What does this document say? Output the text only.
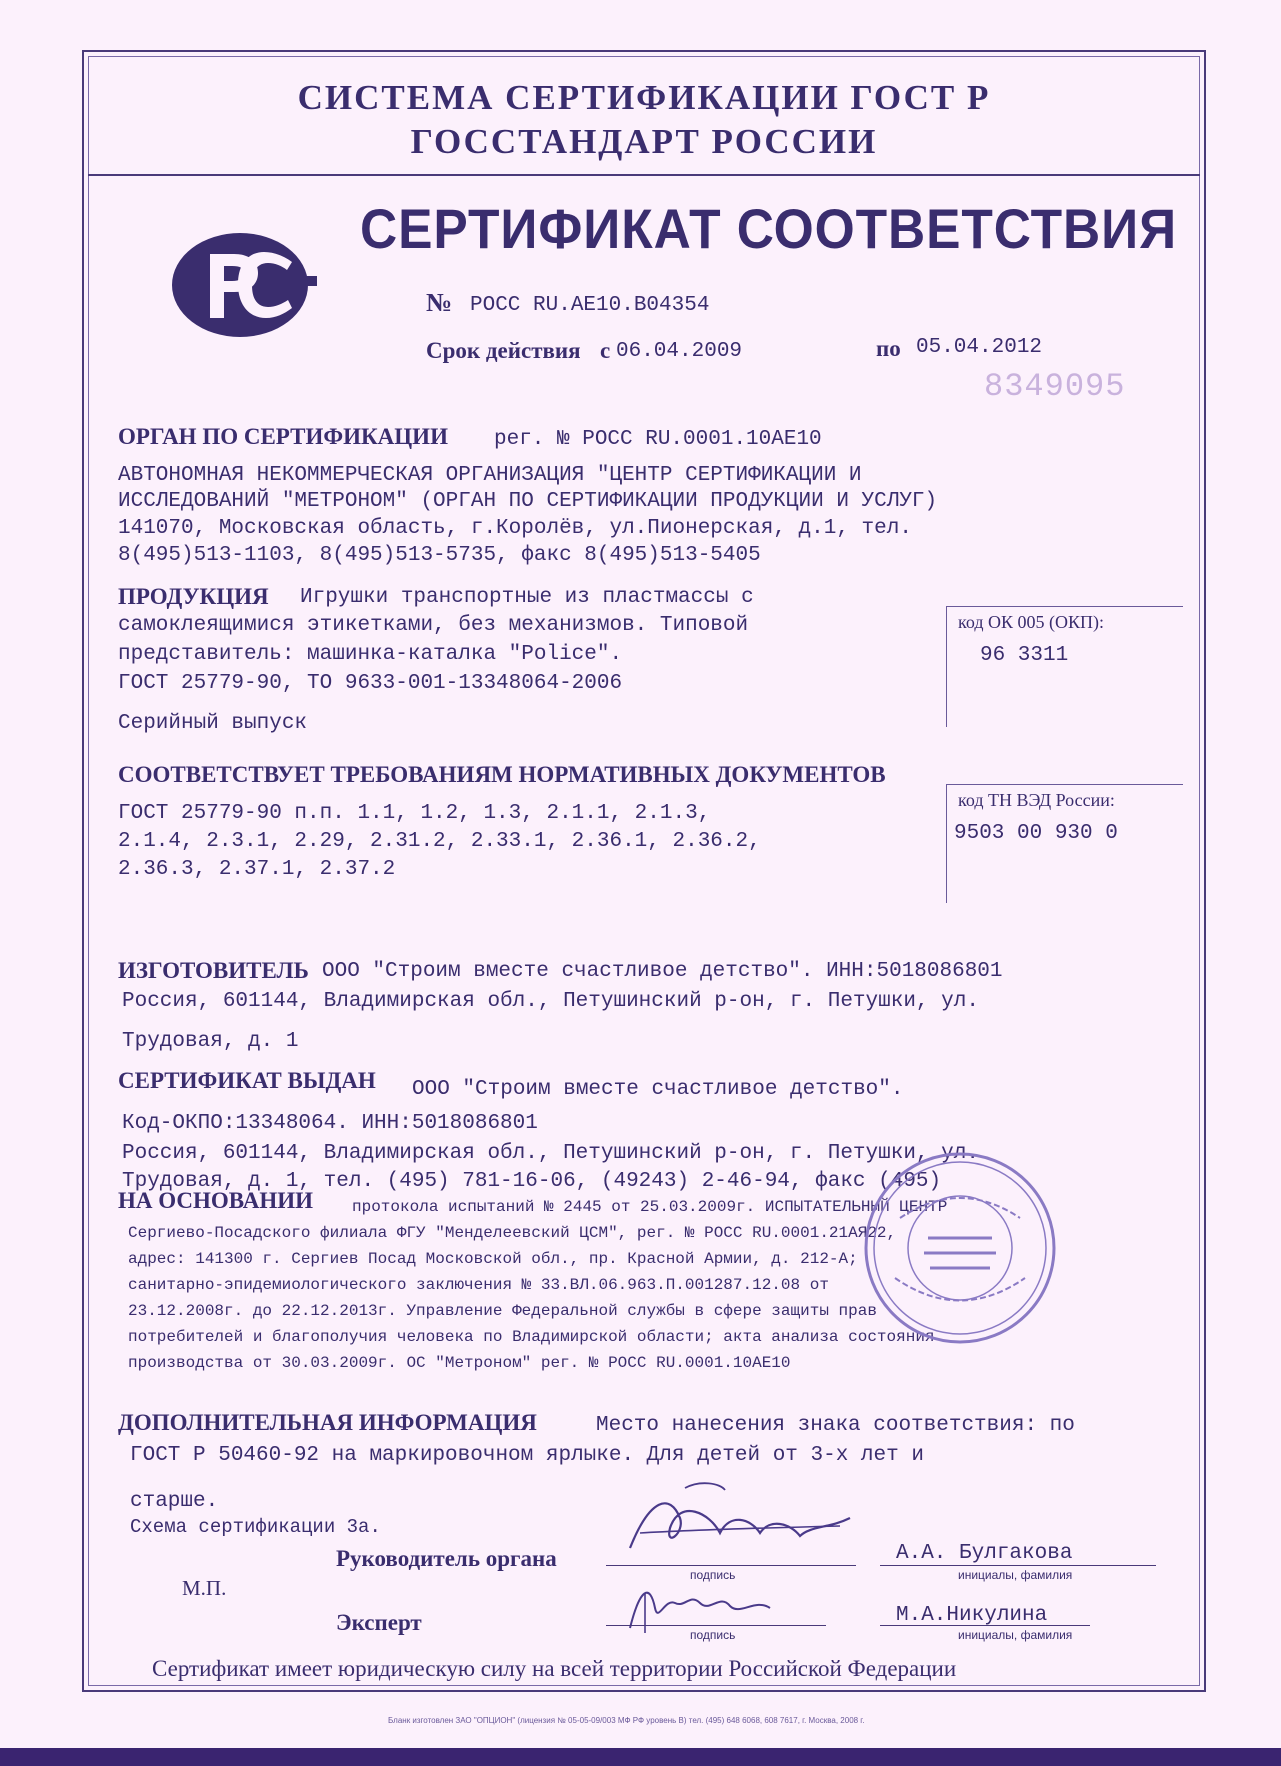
СИСТЕМА СЕРТИФИКАЦИИ ГОСТ Р
ГОССТАНДАРТ РОССИИ
РСТ	СЕРТИФИКАТ СООТВЕТСТВИЯ
№ РОСС RU.AE10.B04354
Срок действия с 06.04.2009	по 05.04.2012
8349095
ОРГАН ПО СЕРТИФИКАЦИИ рег. № РОСС RU.0001.10AE10
АВТОНОМНАЯ НЕКОММЕРЧЕСКАЯ ОРГАНИЗАЦИЯ "ЦЕНТР СЕРТИФИКАЦИИ И
ИССЛЕДОВАНИЙ "МЕТРОНОМ" (ОРГАН ПО СЕРТИФИКАЦИИ ПРОДУКЦИИ И УСЛУГ)
141070, Московская область, г.Королёв, ул.Пионерская, д.1, тел.
8(495)513-1103, 8(495)513-5735, факс 8(495)513-5405
ПРОДУКЦИЯ Игрушки транспортные из пластмассы с
самоклеящимися этикетками, без механизмов. Типовой
представитель: машинка-каталка "Police".
ГОСТ 25779-90, ТО 9633-001-13348064-2006
Серийный выпуск
код ОК 005 (ОКП):
96 3311
СООТВЕТСТВУЕТ ТРЕБОВАНИЯМ НОРМАТИВНЫХ ДОКУМЕНТОВ
ГОСТ 25779-90 п.п. 1.1, 1.2, 1.3, 2.1.1, 2.1.3,
2.1.4, 2.3.1, 2.29, 2.31.2, 2.33.1, 2.36.1, 2.36.2,
2.36.3, 2.37.1, 2.37.2
код ТН ВЭД России:
9503 00 930 0
ИЗГОТОВИТЕЛЬ ООО "Строим вместе счастливое детство". ИНН:5018086801
Россия, 601144, Владимирская обл., Петушинский р-он, г. Петушки, ул.
Трудовая, д. 1
СЕРТИФИКАТ ВЫДАН ООО "Строим вместе счастливое детство".
Код-ОКПО:13348064. ИНН:5018086801
Россия, 601144, Владимирская обл., Петушинский р-он, г. Петушки, ул.
Трудовая, д. 1, тел. (495) 781-16-06, (49243) 2-46-94, факс (495)
НА ОСНОВАНИИ протокола испытаний № 2445 от 25.03.2009г. ИСПЫТАТЕЛЬНЫЙ ЦЕНТР
Сергиево-Посадского филиала ФГУ "Менделеевский ЦСМ", рег. № РОСС RU.0001.21АЯ22,
адрес: 141300 г. Сергиев Посад Московской обл., пр. Красной Армии, д. 212-А;
санитарно-эпидемиологического заключения № 33.ВЛ.06.963.П.001287.12.08 от
23.12.2008г. до 22.12.2013г. Управление Федеральной службы в сфере защиты прав
потребителей и благополучия человека по Владимирской области; акта анализа состояния
производства от 30.03.2009г. ОС "Метроном" рег. № РОСС RU.0001.10AE10
ДОПОЛНИТЕЛЬНАЯ ИНФОРМАЦИЯ	Место нанесения знака соответствия: по
ГОСТ Р 50460-92 на маркировочном ярлыке. Для детей от 3-х лет и
старше.
Схема сертификации 3а.
Руководитель органа
подпись
А.А. Булгакова
инициалы, фамилия
М.П.
Эксперт	подпись
М.А.Никулина
инициалы, фамилия
Сертификат имеет юридическую силу на всей территории Российской Федерации
Бланк изготовлен ЗАО "ОПЦИОН" (лицензия № 05-05-09/003 МФ РФ уровень В) тел. (495) 648 6068, 608 7617, г. Москва, 2008 г.
